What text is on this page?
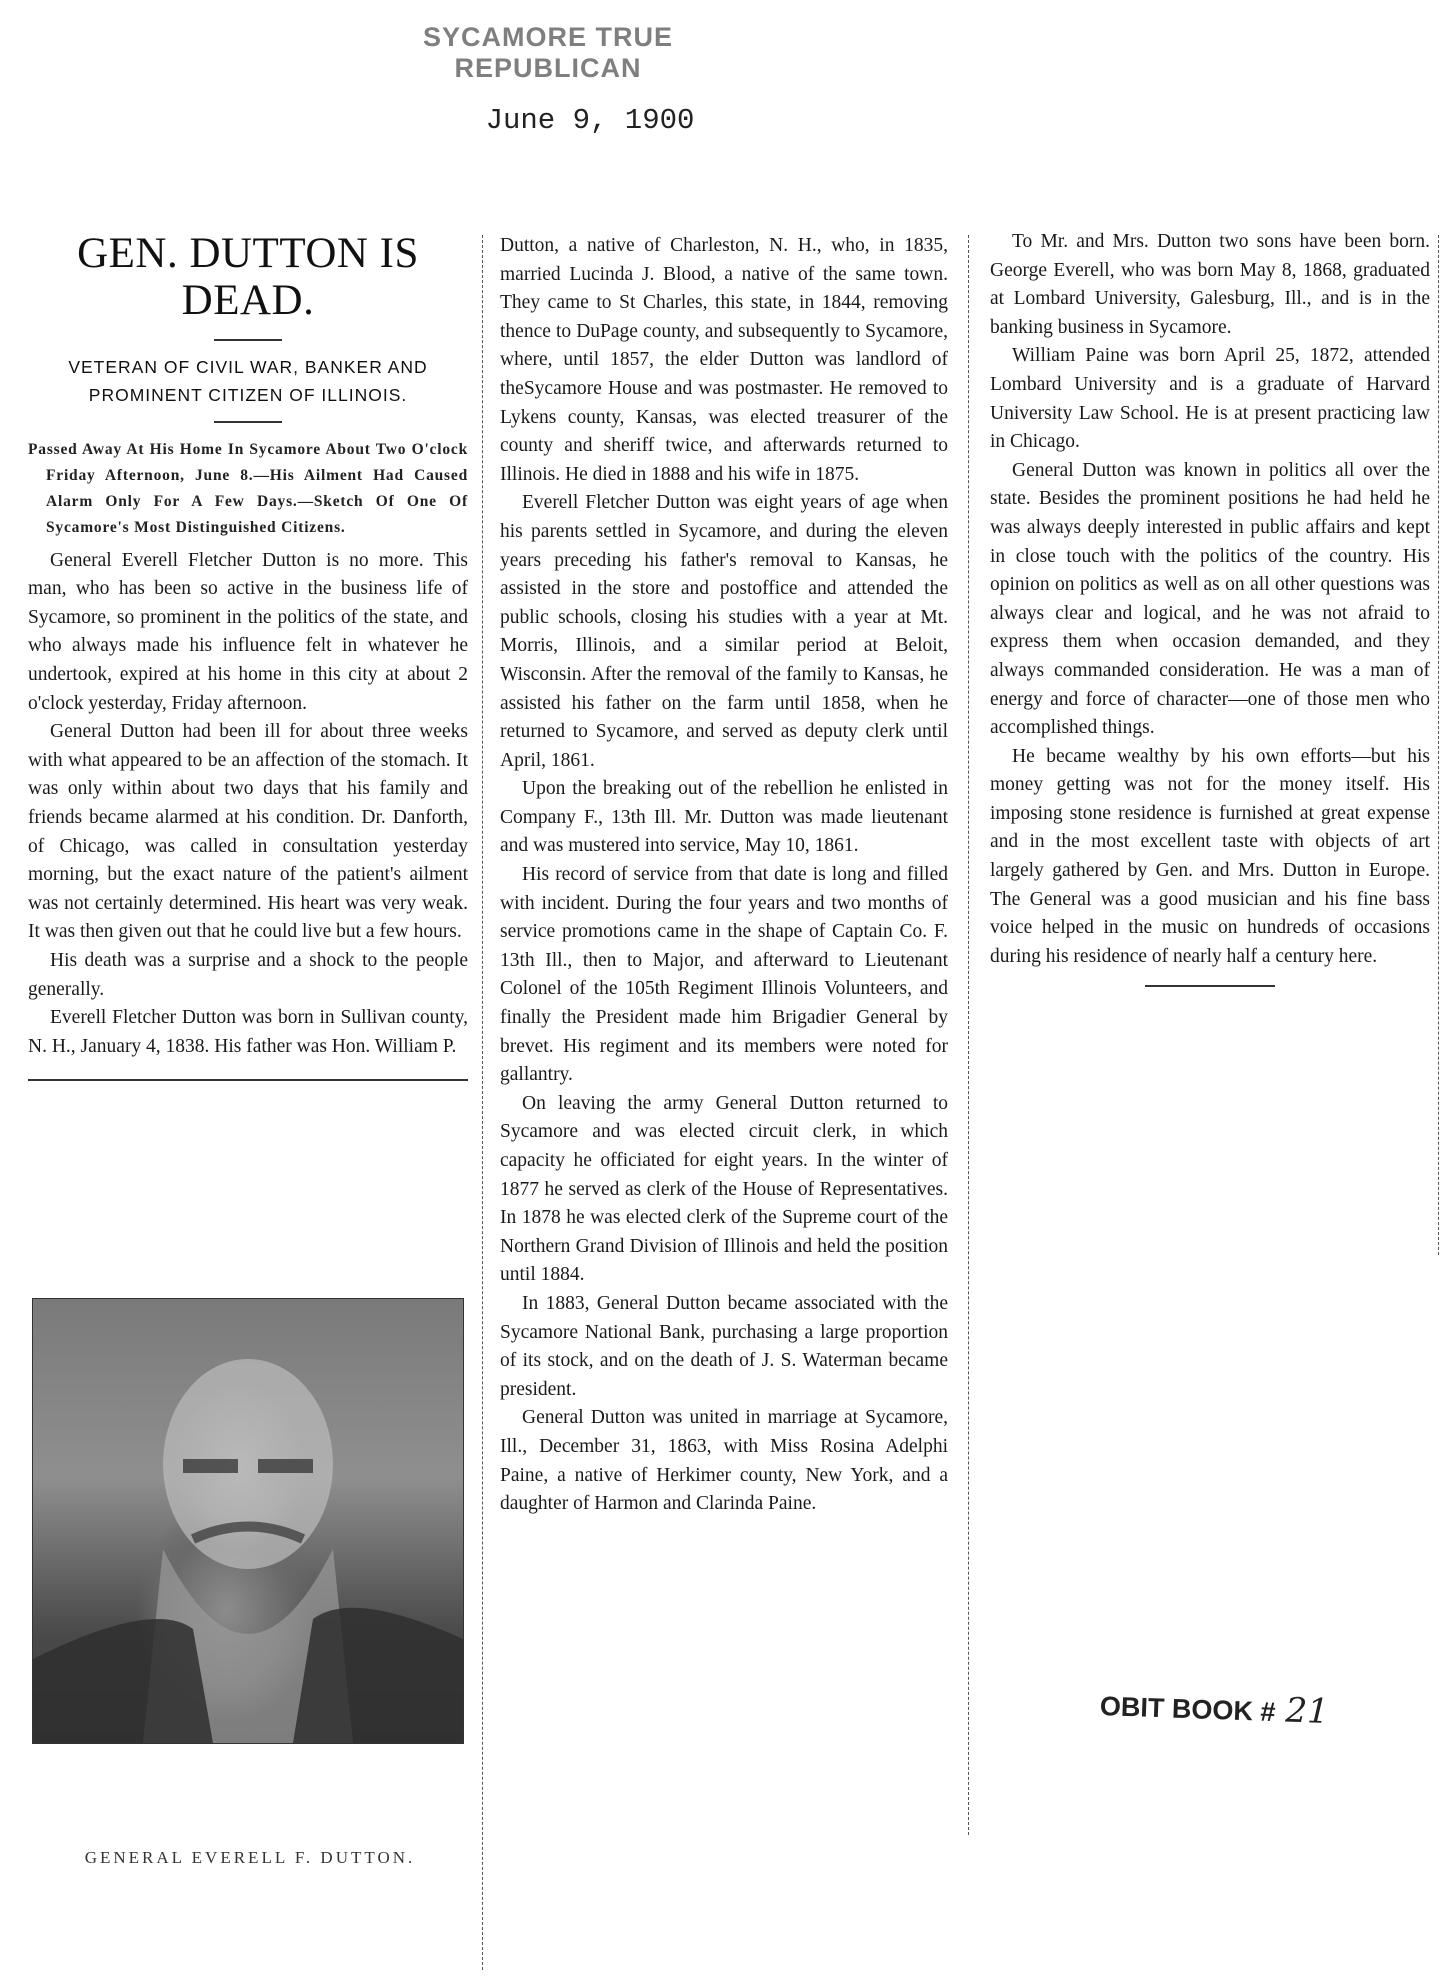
SYCAMORE TRUE REPUBLICAN
June 9, 1900
GEN. DUTTON IS DEAD.

VETERAN OF CIVIL WAR, BANKER AND PROMINENT CITIZEN OF ILLINOIS.

Passed Away At His Home In Sycamore About Two O'clock Friday Afternoon, June 8.—His Ailment Had Caused Alarm Only For A Few Days.—Sketch Of One Of Sycamore's Most Distinguished Citizens.

General Everell Fletcher Dutton is no more. This man, who has been so active in the business life of Sycamore, so prominent in the politics of the state, and who always made his influence felt in whatever he undertook, expired at his home in this city at about 2 o'clock yesterday, Friday afternoon.

General Dutton had been ill for about three weeks with what appeared to be an affection of the stomach. It was only within about two days that his family and friends became alarmed at his condition. Dr. Danforth, of Chicago, was called in consultation yesterday morning, but the exact nature of the patient's ailment was not certainly determined. His heart was very weak. It was then given out that he could live but a few hours.

His death was a surprise and a shock to the people generally.

Everell Fletcher Dutton was born in Sullivan county, N. H., January 4, 1838. His father was Hon. William P.

GENERAL EVERELL F. DUTTON.

Dutton, a native of Charleston, N. H., who, in 1835, married Lucinda J. Blood, a native of the same town. They came to St Charles, this state, in 1844, removing thence to DuPage county, and subsequently to Sycamore, where, until 1857, the elder Dutton was landlord of theSycamore House and was postmaster. He removed to Lykens county, Kansas, was elected treasurer of the county and sheriff twice, and afterwards returned to Illinois. He died in 1888 and his wife in 1875.

Everell Fletcher Dutton was eight years of age when his parents settled in Sycamore, and during the eleven years preceding his father's removal to Kansas, he assisted in the store and postoffice and attended the public schools, closing his studies with a year at Mt. Morris, Illinois, and a similar period at Beloit, Wisconsin. After the removal of the family to Kansas, he assisted his father on the farm until 1858, when he returned to Sycamore, and served as deputy clerk until April, 1861.

Upon the breaking out of the rebellion he enlisted in Company F., 13th Ill. Mr. Dutton was made lieutenant and was mustered into service, May 10, 1861.

His record of service from that date is long and filled with incident. During the four years and two months of service promotions came in the shape of Captain Co. F. 13th Ill., then to Major, and afterward to Lieutenant Colonel of the 105th Regiment Illinois Volunteers, and finally the President made him Brigadier General by brevet. His regiment and its members were noted for gallantry.

On leaving the army General Dutton returned to Sycamore and was elected circuit clerk, in which capacity he officiated for eight years. In the winter of 1877 he served as clerk of the House of Representatives. In 1878 he was elected clerk of the Supreme court of the Northern Grand Division of Illinois and held the position until 1884.

In 1883, General Dutton became associated with the Sycamore National Bank, purchasing a large proportion of its stock, and on the death of J. S. Waterman became president.

General Dutton was united in marriage at Sycamore, Ill., December 31, 1863, with Miss Rosina Adelphi Paine, a native of Herkimer county, New York, and a daughter of Harmon and Clarinda Paine.

To Mr. and Mrs. Dutton two sons have been born. George Everell, who was born May 8, 1868, graduated at Lombard University, Galesburg, Ill., and is in the banking business in Sycamore.

William Paine was born April 25, 1872, attended Lombard University and is a graduate of Harvard University Law School. He is at present practicing law in Chicago.

General Dutton was known in politics all over the state. Besides the prominent positions he had held he was always deeply interested in public affairs and kept in close touch with the politics of the country. His opinion on politics as well as on all other questions was always clear and logical, and he was not afraid to express them when occasion demanded, and they always commanded consideration. He was a man of energy and force of character—one of those men who accomplished things.

He became wealthy by his own efforts—but his money getting was not for the money itself. His imposing stone residence is furnished at great expense and in the most excellent taste with objects of art largely gathered by Gen. and Mrs. Dutton in Europe. The General was a good musician and his fine bass voice helped in the music on hundreds of occasions during his residence of nearly half a century here.

OBIT BOOK # 21
